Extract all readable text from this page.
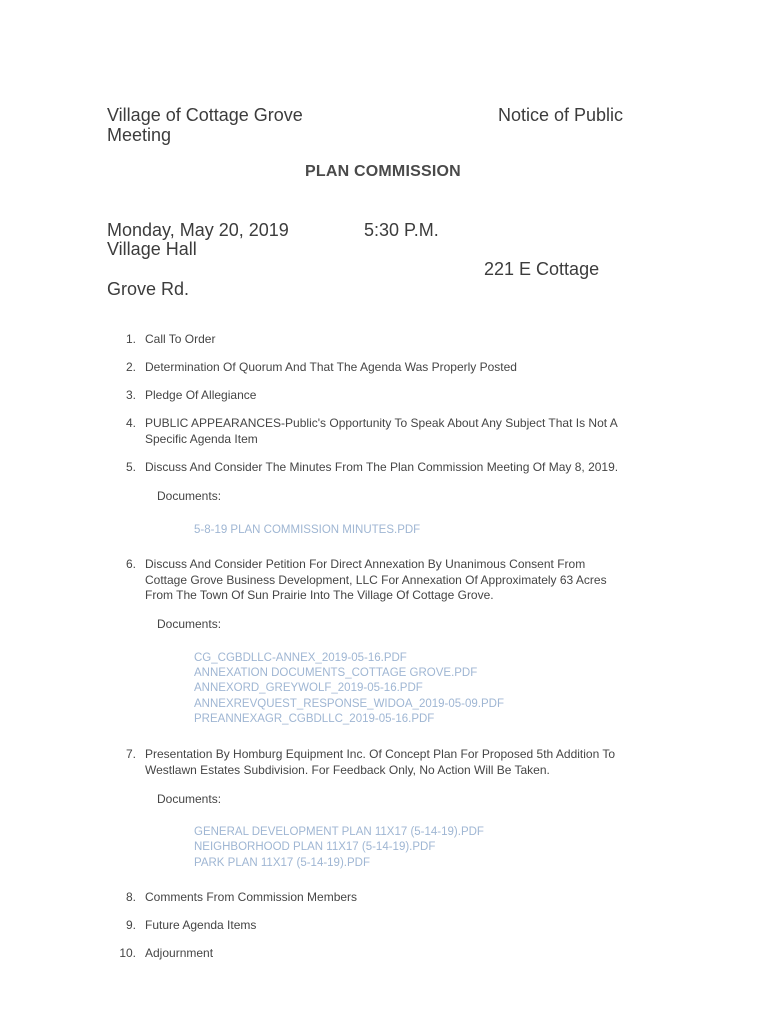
Village of Cottage Grove	Notice of Public
Meeting
PLAN COMMISSION
Monday, May 20, 2019	5:30 P.M.
Village Hall
221 E Cottage
Grove Rd.
1. Call To Order
2. Determination Of Quorum And That The Agenda Was Properly Posted
3. Pledge Of Allegiance
4. PUBLIC APPEARANCES-Public's Opportunity To Speak About Any Subject That Is Not A
Specific Agenda Item
5. Discuss And Consider The Minutes From The Plan Commission Meeting Of May 8, 2019.
Documents:
5-8-19 PLAN COMMISSION MINUTES.PDF
6. Discuss And Consider Petition For Direct Annexation By Unanimous Consent From
Cottage Grove Business Development, LLC For Annexation Of Approximately 63 Acres
From The Town Of Sun Prairie Into The Village Of Cottage Grove.
Documents:
CG_CGBDLLC-ANNEX_2019-05-16.PDF
ANNEXATION DOCUMENTS_COTTAGE GROVE.PDF
ANNEXORD_GREYWOLF_2019-05-16.PDF
ANNEXREVQUEST_RESPONSE_WIDOA_2019-05-09.PDF
PREANNEXAGR_CGBDLLC_2019-05-16.PDF
7. Presentation By Homburg Equipment Inc. Of Concept Plan For Proposed 5th Addition To
Westlawn Estates Subdivision. For Feedback Only, No Action Will Be Taken.
Documents:
GENERAL DEVELOPMENT PLAN 11X17 (5-14-19).PDF
NEIGHBORHOOD PLAN 11X17 (5-14-19).PDF
PARK PLAN 11X17 (5-14-19).PDF
8. Comments From Commission Members
9. Future Agenda Items
10. Adjournment
